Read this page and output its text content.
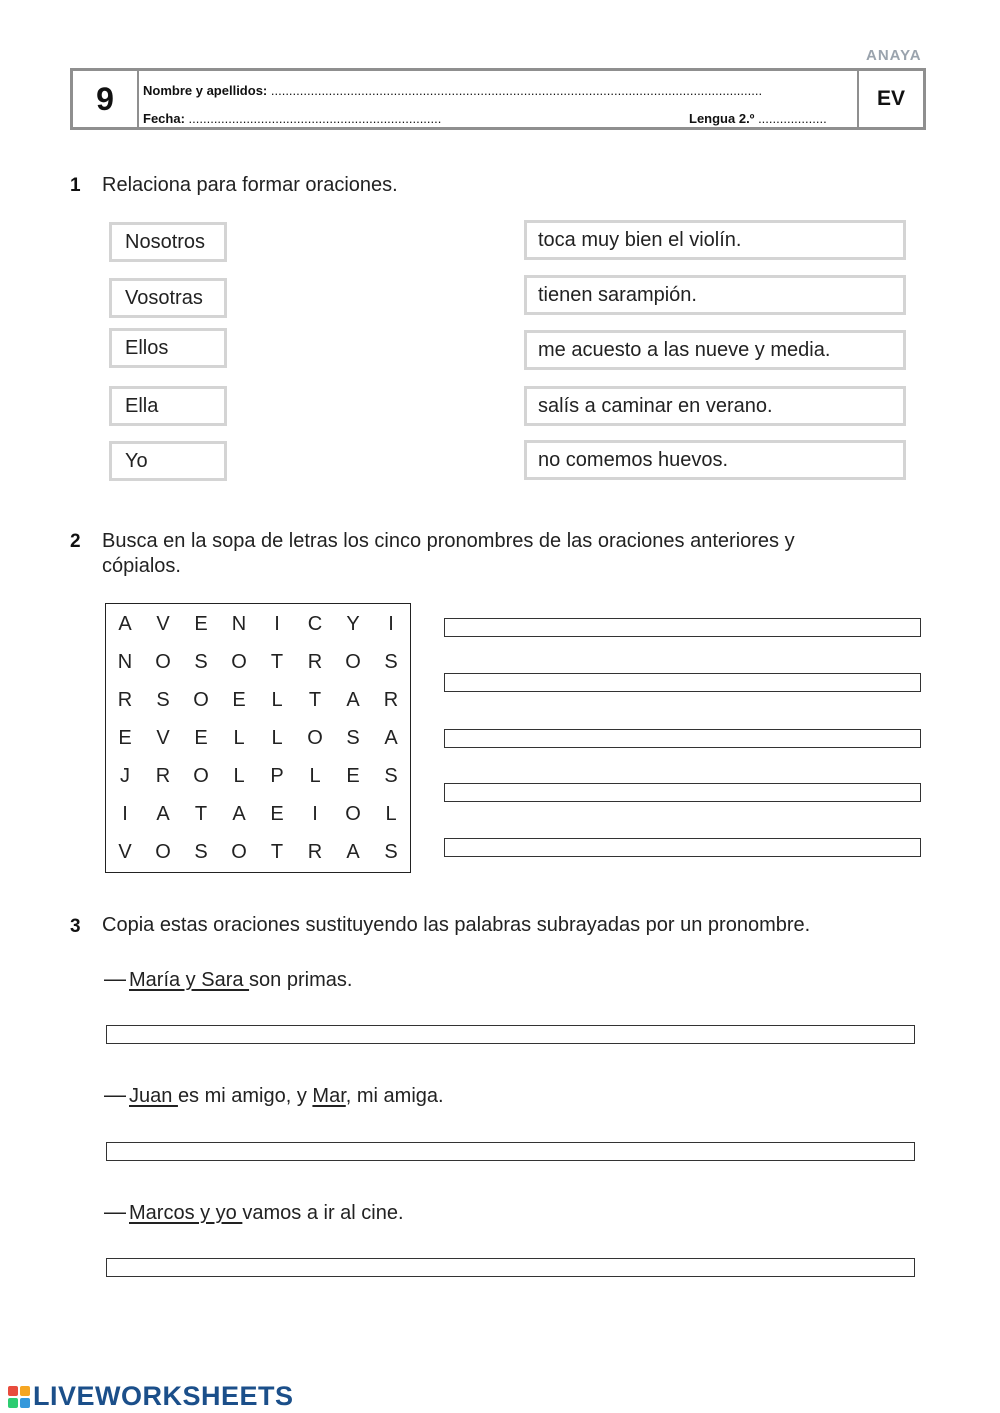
ANAYA
9	Nombre y apellidos: ........................................................................................................................................
Fecha: ......................................................................	Lengua 2.º ...................
EV
1 Relaciona para formar oraciones.
Nosotros
Vosotras
Ellos
Ella
Yo
toca muy bien el violín.
tienen sarampión.
me acuesto a las nueve y media.
salís a caminar en verano.
no comemos huevos.
2 Busca en la sopa de letras los cinco pronombres de las oraciones anteriores y
cópialos.
A	V	E	N	I	C	Y	I
N	O	S	O	T	R	O	S
R	S	O	E	L	T	A	R
E	V	E	L	L	O	S	A
J	R	O	L	P	L	E	S
I	A	T	A	E	I	O	L
V	O	S	O	T	R	A	S
3 Copia estas oraciones sustituyendo las palabras subrayadas por un pronombre.
— María y Sara son primas.
— Juan es mi amigo, y Mar, mi amiga.
— Marcos y yo vamos a ir al cine.
LIVEWORKSHEETS
